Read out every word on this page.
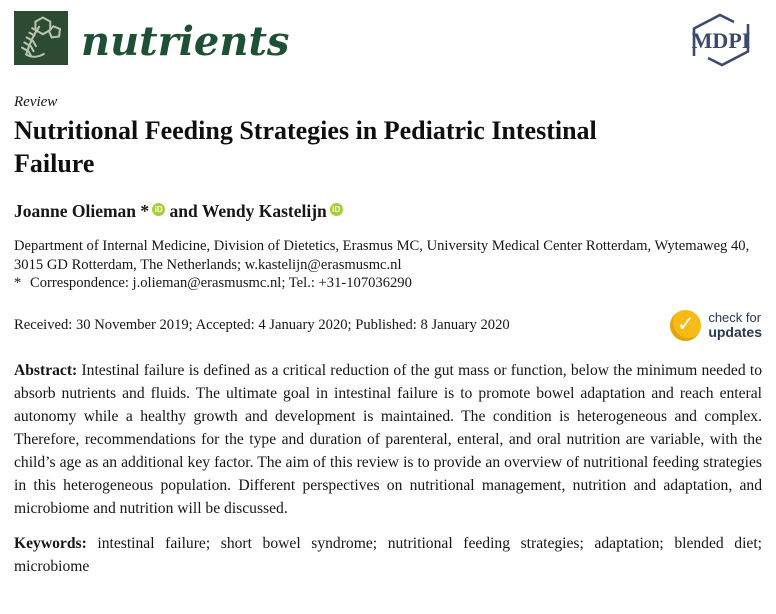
nutrients	MDPI
Review
Nutritional Feeding Strategies in Pediatric Intestinal Failure
Joanne Olieman * iD and Wendy Kastelijn iD
Department of Internal Medicine, Division of Dietetics, Erasmus MC, University Medical Center Rotterdam, Wytemaweg 40, 3015 GD Rotterdam, The Netherlands; w.kastelijn@erasmusmc.nl
* Correspondence: j.olieman@erasmusmc.nl; Tel.: +31-107036290
Received: 30 November 2019; Accepted: 4 January 2020; Published: 8 January 2020	✓ check for
updates
Abstract: Intestinal failure is defined as a critical reduction of the gut mass or function, below the minimum needed to absorb nutrients and fluids. The ultimate goal in intestinal failure is to promote bowel adaptation and reach enteral autonomy while a healthy growth and development is maintained. The condition is heterogeneous and complex. Therefore, recommendations for the type and duration of parenteral, enteral, and oral nutrition are variable, with the child’s age as an additional key factor. The aim of this review is to provide an overview of nutritional feeding strategies in this heterogeneous population. Different perspectives on nutritional management, nutrition and adaptation, and microbiome and nutrition will be discussed.
Keywords: intestinal failure; short bowel syndrome; nutritional feeding strategies; adaptation; blended diet; microbiome
